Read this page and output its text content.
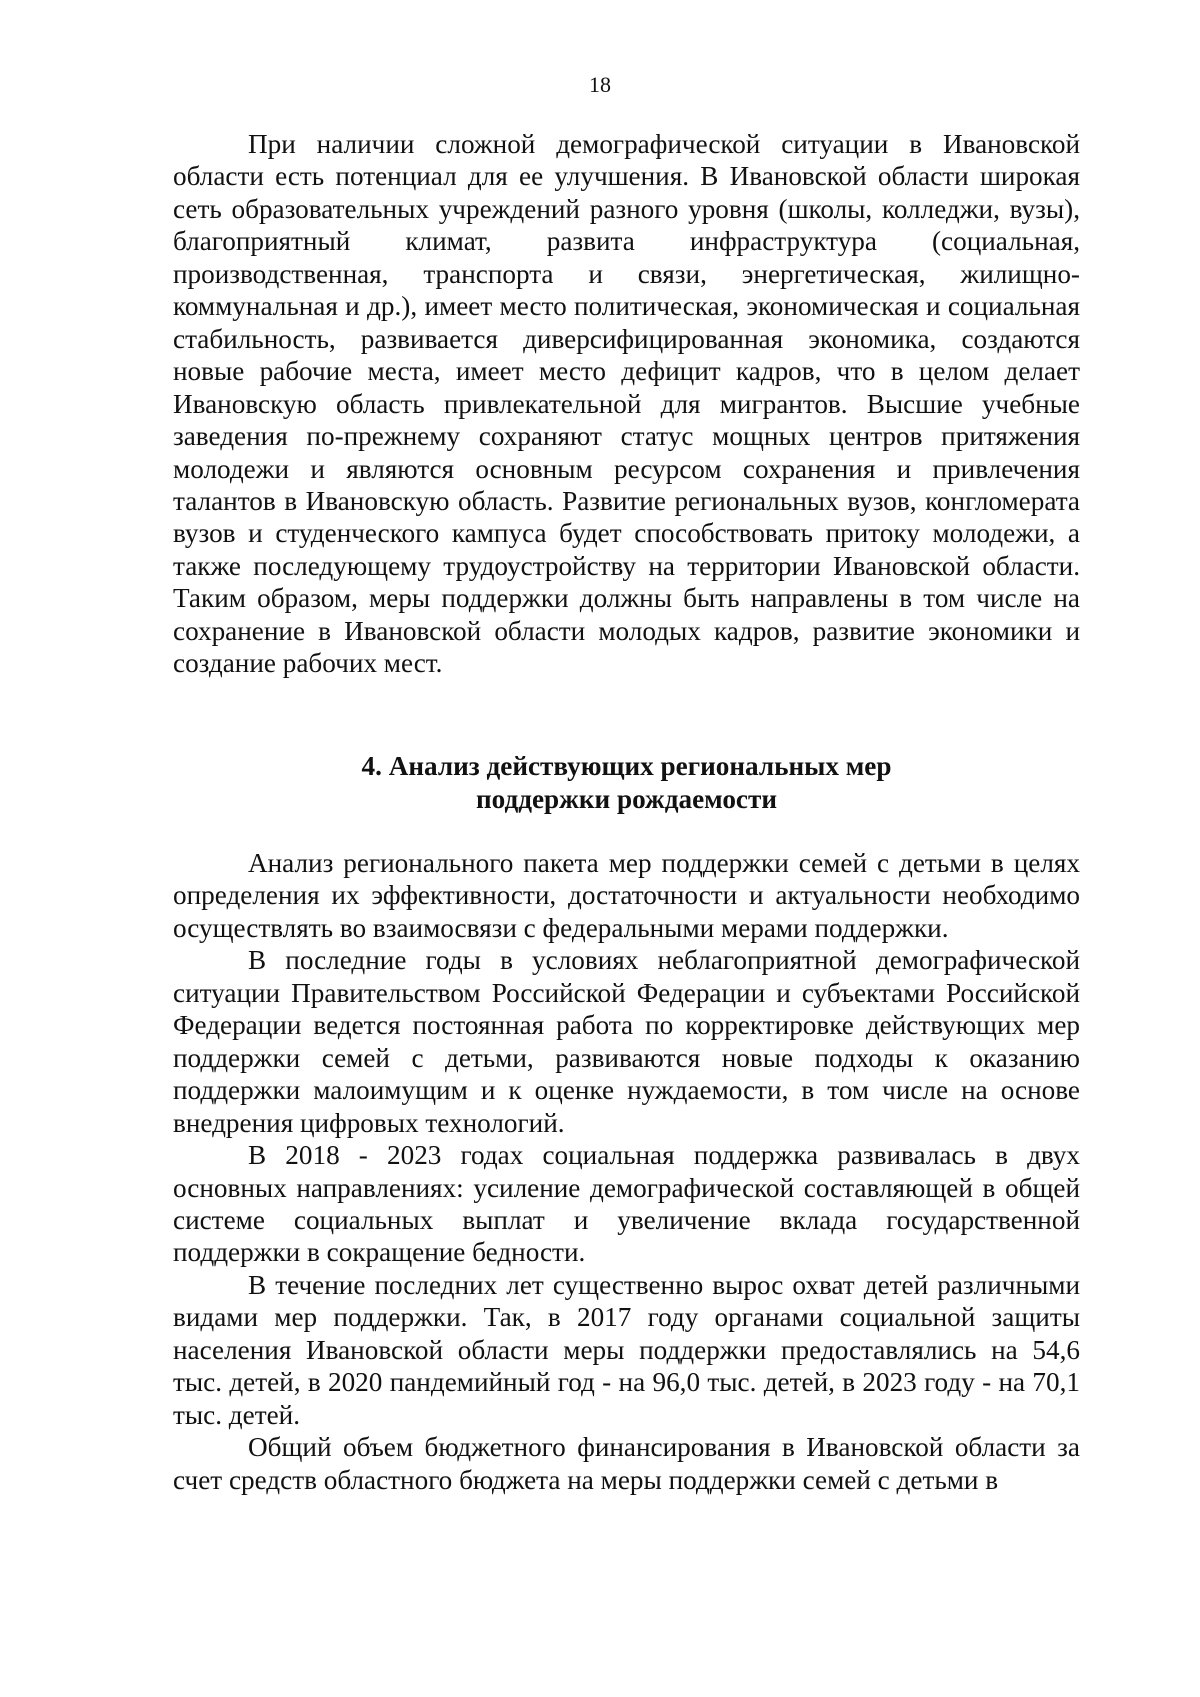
18

При наличии сложной демографической ситуации в Ивановской области есть потенциал для ее улучшения. В Ивановской области широкая сеть образовательных учреждений разного уровня (школы, колледжи, вузы), благоприятный климат, развита инфраструктура (социальная, производственная, транспорта и связи, энергетическая, жилищно-коммунальная и др.), имеет место политическая, экономическая и социальная стабильность, развивается диверсифицированная экономика, создаются новые рабочие места, имеет место дефицит кадров, что в целом делает Ивановскую область привлекательной для мигрантов. Высшие учебные заведения по-прежнему сохраняют статус мощных центров притяжения молодежи и являются основным ресурсом сохранения и привлечения талантов в Ивановскую область. Развитие региональных вузов, конгломерата вузов и студенческого кампуса будет способствовать притоку молодежи, а также последующему трудоустройству на территории Ивановской области. Таким образом, меры поддержки должны быть направлены в том числе на сохранение в Ивановской области молодых кадров, развитие экономики и создание рабочих мест.

4. Анализ действующих региональных мер
поддержки рождаемости

Анализ регионального пакета мер поддержки семей с детьми в целях определения их эффективности, достаточности и актуальности необходимо осуществлять во взаимосвязи с федеральными мерами поддержки.

В последние годы в условиях неблагоприятной демографической ситуации Правительством Российской Федерации и субъектами Российской Федерации ведется постоянная работа по корректировке действующих мер поддержки семей с детьми, развиваются новые подходы к оказанию поддержки малоимущим и к оценке нуждаемости, в том числе на основе внедрения цифровых технологий.

В 2018 - 2023 годах социальная поддержка развивалась в двух основных направлениях: усиление демографической составляющей в общей системе социальных выплат и увеличение вклада государственной поддержки в сокращение бедности.

В течение последних лет существенно вырос охват детей различными видами мер поддержки. Так, в 2017 году органами социальной защиты населения Ивановской области меры поддержки предоставлялись на 54,6 тыс. детей, в 2020 пандемийный год - на 96,0 тыс. детей, в 2023 году - на 70,1 тыс. детей.

Общий объем бюджетного финансирования в Ивановской области за счет средств областного бюджета на меры поддержки семей с детьми в
